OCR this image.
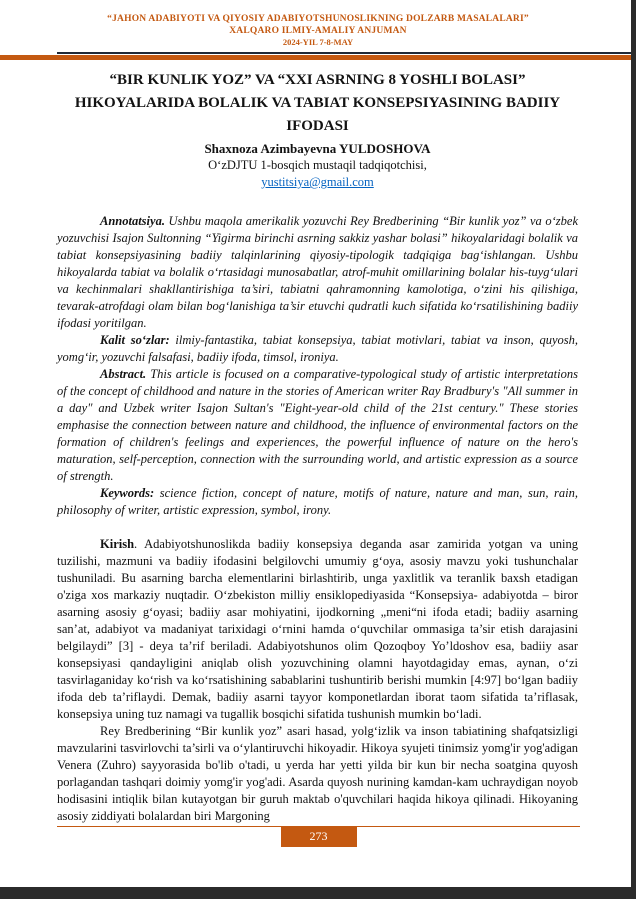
“JAHON ADABIYOTI VA QIYOSIY ADABIYOTSHUNOSLIKNING DOLZARB MASALALARI”
XALQARO ILMIY-AMALIY ANJUMAN
2024-YIL 7-8-MAY
“BIR KUNLIK YOZ” VA “XXI ASRNING 8 YOSHLI BOLASI” HIKOYALARIDA BOLALIK VA TABIAT KONSEPSIYASINING BADIIY IFODASI
Shaxnoza Azimbayevna YULDOSHOVA
O‘zDJTU 1-bosqich mustaqil tadqiqotchisi,
yustitsiya@gmail.com

Annotatsiya. Ushbu maqola amerikalik yozuvchi Rey Bredberining “Bir kunlik yoz” va o‘zbek yozuvchisi Isajon Sultonning “Yigirma birinchi asrning sakkiz yashar bolasi” hikoyalaridagi bolalik va tabiat konsepsiyasining badiiy talqinlarining qiyosiy-tipologik tadqiqiga bag‘ishlangan. Ushbu hikoyalarda tabiat va bolalik o‘rtasidagi munosabatlar, atrof-muhit omillarining bolalar his-tuyg‘ulari va kechinmalari shakllantirishiga ta’siri, tabiatni qahramonning kamolotiga, o‘zini his qilishiga, tevarak-atrofdagi olam bilan bog‘lanishiga ta’sir etuvchi qudratli kuch sifatida ko‘rsatilishining badiiy ifodasi yoritilgan.

Kalit so‘zlar: ilmiy-fantastika, tabiat konsepsiya, tabiat motivlari, tabiat va inson, quyosh, yomg‘ir, yozuvchi falsafasi, badiiy ifoda, timsol, ironiya.

Abstract. This article is focused on a comparative-typological study of artistic interpretations of the concept of childhood and nature in the stories of American writer Ray Bradbury's "All summer in a day" and Uzbek writer Isajon Sultan's "Eight-year-old child of the 21st century." These stories emphasise the connection between nature and childhood, the influence of environmental factors on the formation of children's feelings and experiences, the powerful influence of nature on the hero's maturation, self-perception, connection with the surrounding world, and artistic expression as a source of strength.

Keywords: science fiction, concept of nature, motifs of nature, nature and man, sun, rain, philosophy of writer, artistic expression, symbol, irony.

Kirish. Adabiyotshunoslikda badiiy konsepsiya deganda asar zamirida yotgan va uning tuzilishi, mazmuni va badiiy ifodasini belgilovchi umumiy g‘oya, asosiy mavzu yoki tushunchalar tushuniladi. Bu asarning barcha elementlarini birlashtirib, unga yaxlitlik va teranlik baxsh etadigan o'ziga xos markaziy nuqtadir. O‘zbekiston milliy ensiklopediyasida “Konsepsiya- adabiyotda – biror asarning asosiy g‘oyasi; badiiy asar mohiyatini, ijodkorning „meni“ni ifoda etadi; badiiy asarning san’at, adabiyot va madaniyat tarixidagi o‘rnini hamda o‘quvchilar ommasiga ta’sir etish darajasini belgilaydi” [3] - deya ta’rif beriladi. Adabiyotshunos olim Qozoqboy Yo’ldoshov esa, badiiy asar konsepsiyasi qandayligini aniqlab olish yozuvchining olamni hayotdagiday emas, aynan, o‘zi tasvirlaganiday ko‘rish va ko‘rsatishining sabablarini tushuntirib berishi mumkin [4:97] bo‘lgan badiiy ifoda deb ta’riflaydi. Demak, badiiy asarni tayyor komponetlardan iborat taom sifatida ta’riflasak, konsepsiya uning tuz namagi va tugallik bosqichi sifatida tushunish mumkin bo‘ladi.

Rey Bredberining “Bir kunlik yoz” asari hasad, yolg‘izlik va inson tabiatining shafqatsizligi mavzularini tasvirlovchi ta’sirli va o‘ylantiruvchi hikoyadir. Hikoya syujeti tinimsiz yomg'ir yog'adigan Venera (Zuhro) sayyorasida bo'lib o'tadi, u yerda har yetti yilda bir kun bir necha soatgina quyosh porlagandan tashqari doimiy yomg'ir yog'adi. Asarda quyosh nurining kamdan-kam uchraydigan noyob hodisasini intiqlik bilan kutayotgan bir guruh maktab o'quvchilari haqida hikoya qilinadi. Hikoyaning asosiy ziddiyati bolalardan biri Margoning

273
